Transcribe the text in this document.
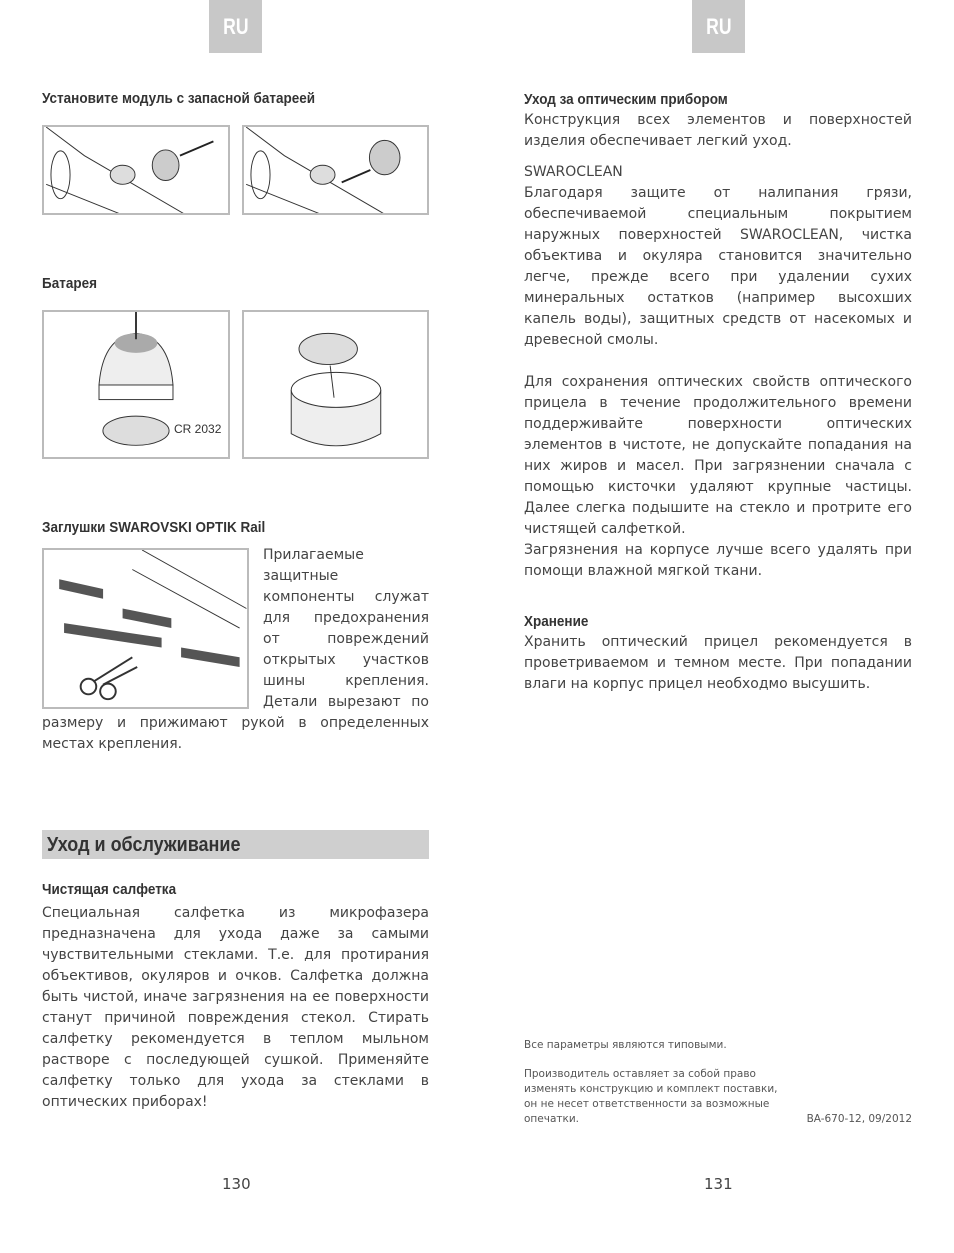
RU	RU
Установите модуль с запасной батареей
Батарея
CR 2032
Заглушки SWAROVSKI OPTIK Rail

Прилагаемые защитные компоненты служат для предохранения от повреждений открытых участков шины крепления. Детали вырезают по размеру и прижимают рукой в определенных местах крепления.

Уход и обслуживание
Чистящая салфетка
Специальная салфетка из микрофазера предназначена для ухода даже за самыми чувствительными стеклами. Т.е. для протирания объективов, окуляров и очков. Салфетка должна быть чистой, иначе загрязнения на ее поверхности станут причиной повреждения стекол. Стирать салфетку рекомендуется в теплом мыльном растворе с последующей сушкой. Применяйте салфетку только для ухода за стеклами в оптических приборах!
130
Уход за оптическим прибором
Конструкция всех элементов и поверхностей изделия обеспечивает легкий уход.
SWAROCLEAN
Благодаря защите от налипания грязи, обеспечиваемой специальным покрытием наружных поверхностей SWAROCLEAN, чистка объектива и окуляра становится значительно легче, прежде всего при удалении сухих минеральных остатков (например высохших капель воды), защитных средств от насекомых и древесной смолы.
Для сохранения оптических свойств оптического прицела в течение продолжительного времени поддерживайте поверхности оптических элементов в чистоте, не допускайте попадания на них жиров и масел. При загрязнении сначала с помощью кисточки удаляют крупные частицы. Далее слегка подышите на стекло и протрите его чистящей салфеткой.
Загрязнения на корпусе лучше всего удалять при помощи влажной мягкой ткани.
Хранение
Хранить оптический прицел рекомендуется в проветриваемом и темном месте. При попадании влаги на корпус прицел необходмо высушить.
Все параметры являются типовыми.
Производитель оставляет за собой право изменять конструкцию и комплект поставки, он не несет ответственности за возможные опечатки.	BA-670-12, 09/2012
131
